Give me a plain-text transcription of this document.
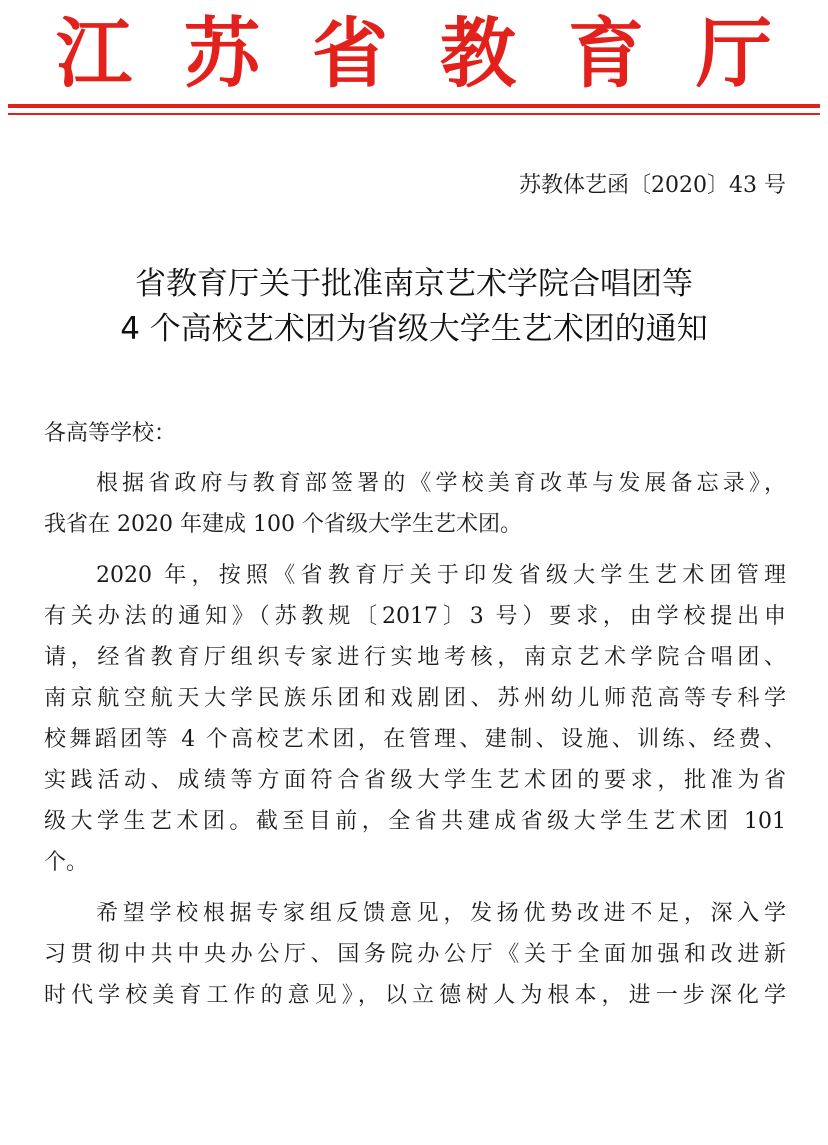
江苏省教育厅
苏教体艺函〔2020〕43 号
省教育厅关于批准南京艺术学院合唱团等
4 个高校艺术团为省级大学生艺术团的通知
各高等学校：
根据省政府与教育部签署的《学校美育改革与发展备忘录》，
我省在 2020 年建成 100 个省级大学生艺术团。
2020 年，按照《省教育厅关于印发省级大学生艺术团管理
有关办法的通知》（苏教规〔2017〕3 号）要求，由学校提出申
请，经省教育厅组织专家进行实地考核，南京艺术学院合唱团、
南京航空航天大学民族乐团和戏剧团、苏州幼儿师范高等专科学
校舞蹈团等 4 个高校艺术团，在管理、建制、设施、训练、经费、
实践活动、成绩等方面符合省级大学生艺术团的要求，批准为省
级大学生艺术团。截至目前，全省共建成省级大学生艺术团 101
个。
希望学校根据专家组反馈意见，发扬优势改进不足，深入学
习贯彻中共中央办公厅、国务院办公厅《关于全面加强和改进新
时代学校美育工作的意见》，以立德树人为根本，进一步深化学
